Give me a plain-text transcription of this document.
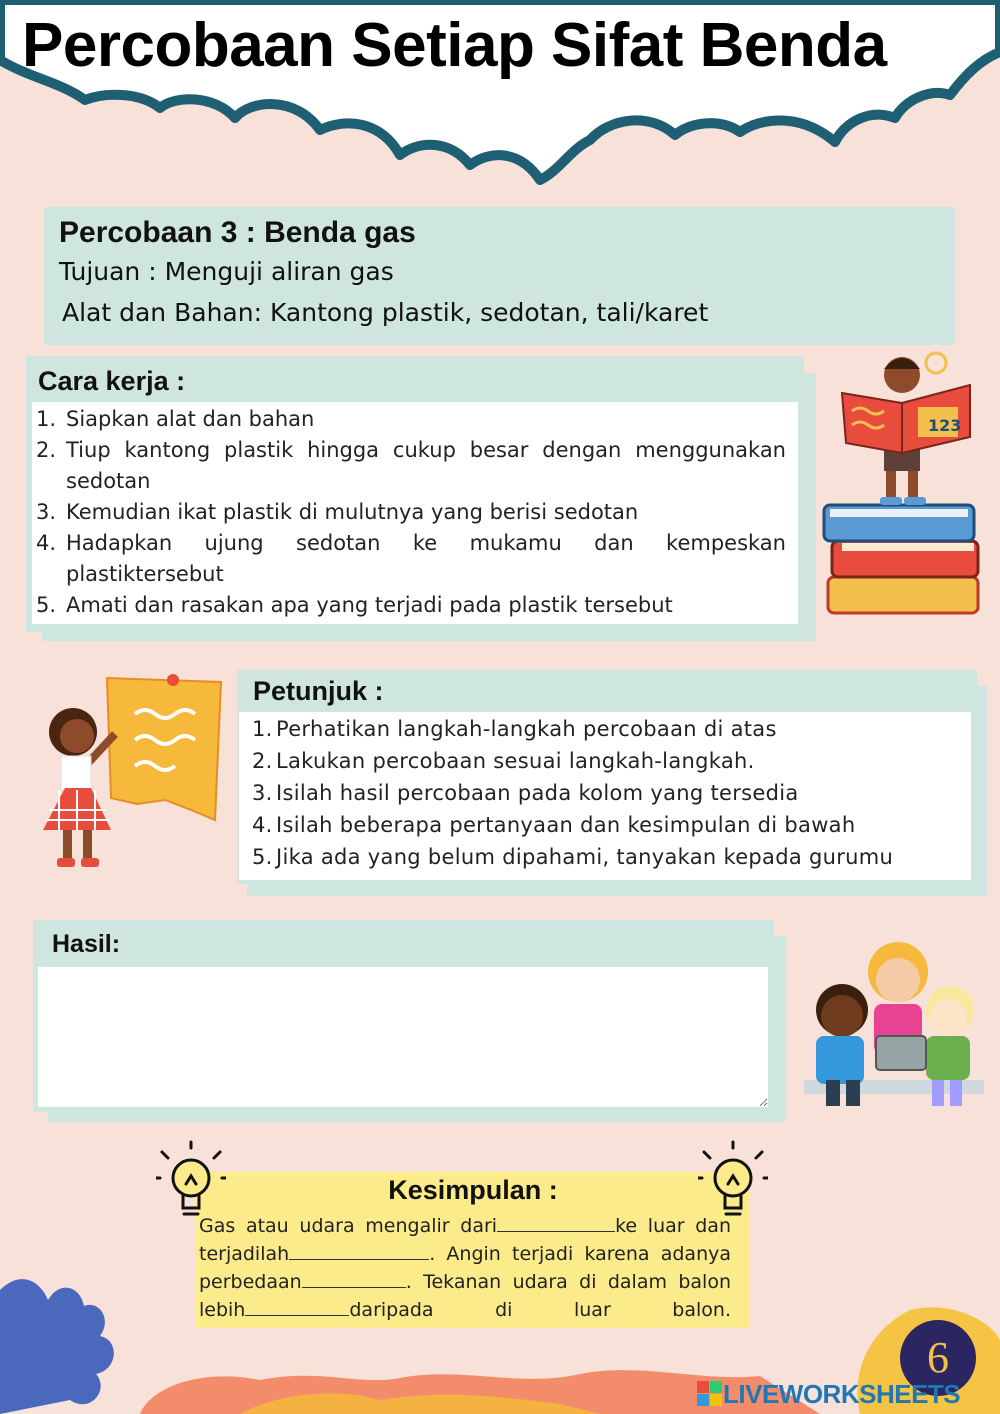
Percobaan Setiap Sifat Benda
Percobaan 3 : Benda gas
Tujuan : Menguji aliran gas
Alat dan Bahan: Kantong plastik, sedotan, tali/karet
Cara kerja :
1. Siapkan alat dan bahan
2. Tiup kantong plastik hingga cukup besar dengan menggunakan sedotan
3. Kemudian ikat plastik di mulutnya yang berisi sedotan
4. Hadapkan ujung sedotan ke mukamu dan kempeskan plastiktersebut
5. Amati dan rasakan apa yang terjadi pada plastik tersebut
123
Petunjuk :
1. Perhatikan langkah-langkah percobaan di atas
2. Lakukan percobaan sesuai langkah-langkah.
3. Isilah hasil percobaan pada kolom yang tersedia
4. Isilah beberapa pertanyaan dan kesimpulan di bawah
5. Jika ada yang belum dipahami, tanyakan kepada gurumu
Hasil:
Kesimpulan :
Gas atau udara mengalir dari	ke luar dan terjadilah	. Angin terjadi karena adanya perbedaan	. Tekanan udara di dalam balon lebih	daripada di luar balon.
6
LIVEWORKSHEETS
